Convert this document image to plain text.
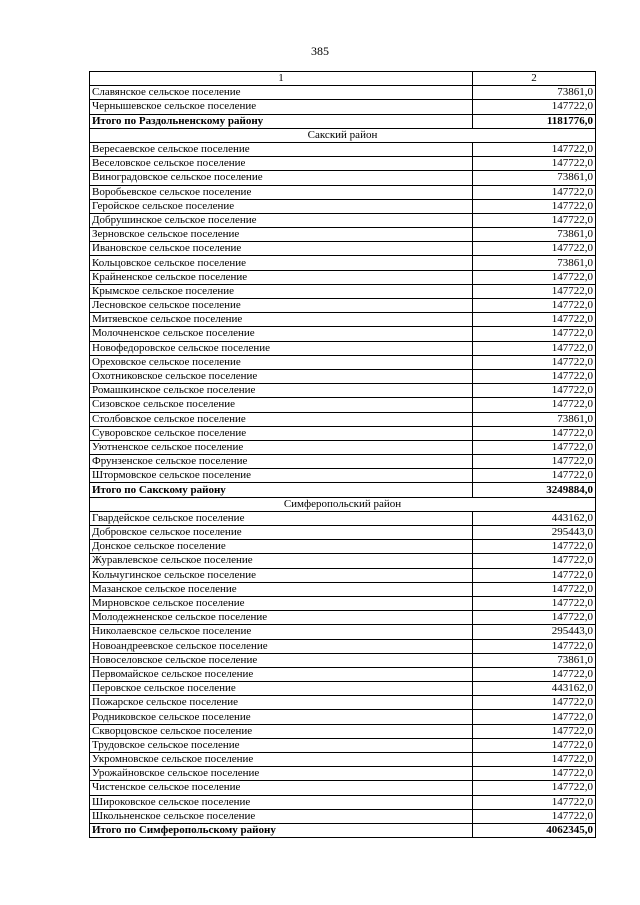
385
1	2
Славянское сельское поселение	73861,0
Чернышевское сельское поселение	147722,0
Итого по Раздольненскому району	1181776,0
Сакский район	
Вересаевское сельское поселение	147722,0
Веселовское сельское поселение	147722,0
Виноградовское сельское поселение	73861,0
Воробьевское сельское поселение	147722,0
Геройское сельское поселение	147722,0
Добрушинское сельское поселение	147722,0
Зерновское сельское поселение	73861,0
Ивановское сельское поселение	147722,0
Кольцовское сельское поселение	73861,0
Крайненское сельское поселение	147722,0
Крымское сельское поселение	147722,0
Лесновское сельское поселение	147722,0
Митяевское сельское поселение	147722,0
Молочненское сельское поселение	147722,0
Новофедоровское сельское поселение	147722,0
Ореховское сельское поселение	147722,0
Охотниковское сельское поселение	147722,0
Ромашкинское сельское поселение	147722,0
Сизовское сельское поселение	147722,0
Столбовское сельское поселение	73861,0
Суворовское сельское поселение	147722,0
Уютненское сельское поселение	147722,0
Фрунзенское сельское поселение	147722,0
Штормовское сельское поселение	147722,0
Итого по Сакскому району	3249884,0
Симферопольский район	
Гвардейское сельское поселение	443162,0
Добровское сельское поселение	295443,0
Донское сельское поселение	147722,0
Журавлевское сельское поселение	147722,0
Кольчугинское сельское поселение	147722,0
Мазанское сельское поселение	147722,0
Мирновское сельское поселение	147722,0
Молодежненское сельское поселение	147722,0
Николаевское сельское поселение	295443,0
Новоандреевское сельское поселение	147722,0
Новоселовское сельское поселение	73861,0
Первомайское сельское поселение	147722,0
Перовское сельское поселение	443162,0
Пожарское сельское поселение	147722,0
Родниковское сельское поселение	147722,0
Скворцовское сельское поселение	147722,0
Трудовское сельское поселение	147722,0
Укромновское сельское поселение	147722,0
Урожайновское сельское поселение	147722,0
Чистенское сельское поселение	147722,0
Широковское сельское поселение	147722,0
Школьненское сельское поселение	147722,0
Итого по Симферопольскому району	4062345,0
